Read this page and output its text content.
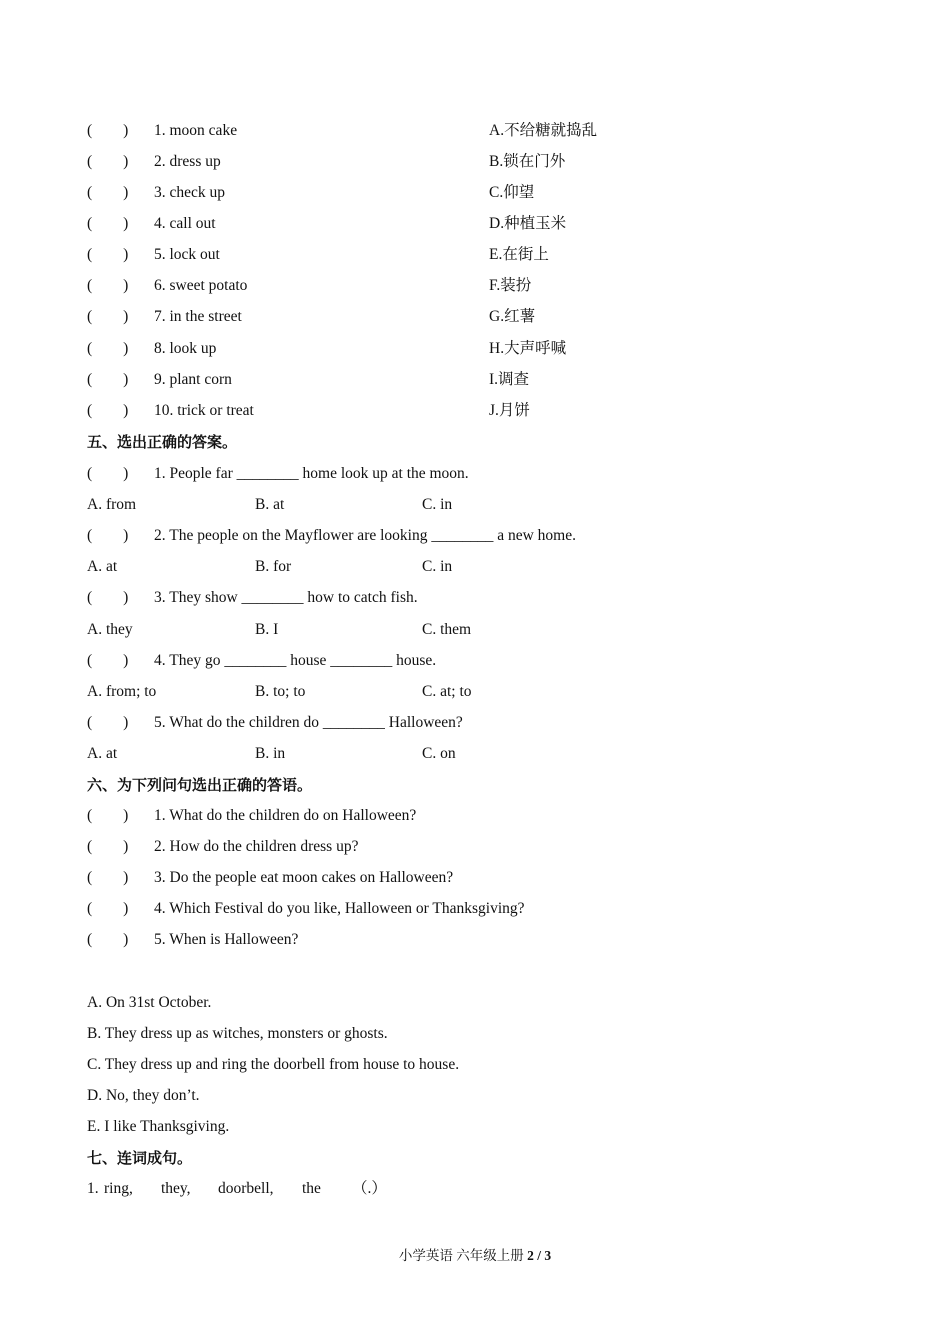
(        ) 1. moon cake	A.不给糖就捣乱
(        ) 2. dress up	B.锁在门外
(        ) 3. check up	C.仰望
(        ) 4. call out	D.种植玉米
(        ) 5. lock out	E.在街上
(        ) 6. sweet potato	F.装扮
(        ) 7. in the street	G.红薯
(        ) 8. look up	H.大声呼喊
(        ) 9. plant corn	I.调查
(        ) 10. trick or treat	J.月饼
五、选出正确的答案。
(        ) 1. People far ________ home look up at the moon.
A. from	B. at	C. in
(        ) 2. The people on the Mayflower are looking ________ a new home.
A. at	B. for	C. in
(        ) 3. They show ________ how to catch fish.
A. they	B. I	C. them
(        ) 4. They go ________ house ________ house.
A. from; to	B. to; to	C. at; to
(        ) 5. What do the children do ________ Halloween?
A. at	B. in	C. on
六、为下列问句选出正确的答语。
(        ) 1. What do the children do on Halloween?
(        ) 2. How do the children dress up?
(        ) 3. Do the people eat moon cakes on Halloween?
(        ) 4. Which Festival do you like, Halloween or Thanksgiving?
(        ) 5. When is Halloween?
A. On 31st October.
B. They dress up as witches, monsters or ghosts.
C. They dress up and ring the doorbell from house to house.
D. No, they don’t.
E. I like Thanksgiving.
七、连词成句。
1. ring, they, doorbell, the （.）
小学英语 六年级上册 2 / 3
